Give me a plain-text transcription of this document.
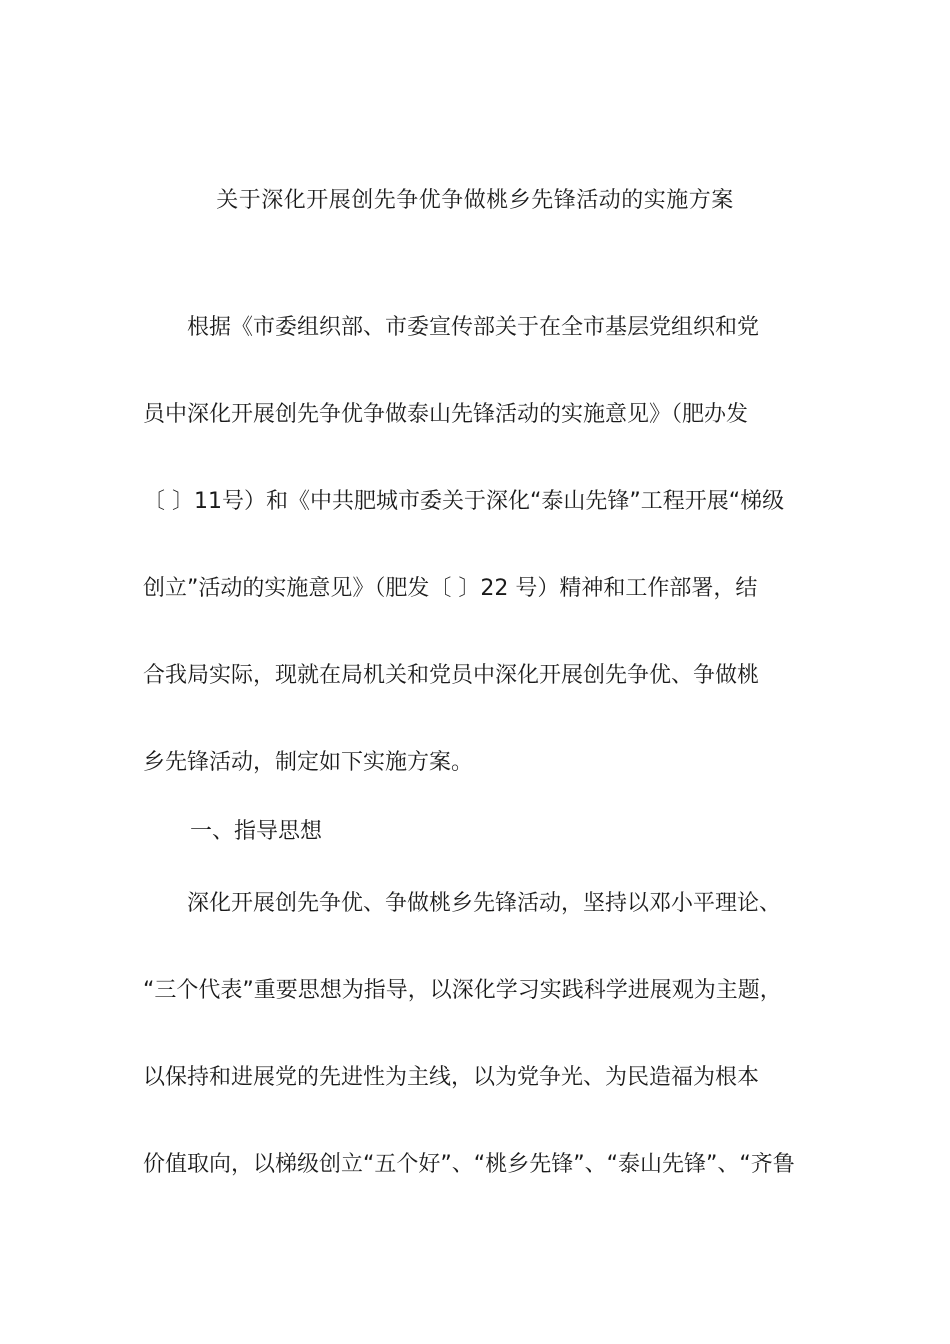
关于深化开展创先争优争做桃乡先锋活动的实施方案
　　根据《市委组织部、市委宣传部关于在全市基层党组织和党
员中深化开展创先争优争做泰山先锋活动的实施意见》（肥办发
〔 〕11号）和《中共肥城市委关于深化“泰山先锋”工程开展“梯级
创立”活动的实施意见》（肥发〔 〕22 号）精神和工作部署，结
合我局实际，现就在局机关和党员中深化开展创先争优、争做桃
乡先锋活动，制定如下实施方案。
一、指导思想
　　深化开展创先争优、争做桃乡先锋活动，坚持以邓小平理论、
“三个代表”重要思想为指导，以深化学习实践科学进展观为主题，
以保持和进展党的先进性为主线，以为党争光、为民造福为根本
价值取向，以梯级创立“五个好”、“桃乡先锋”、“泰山先锋”、“齐鲁
